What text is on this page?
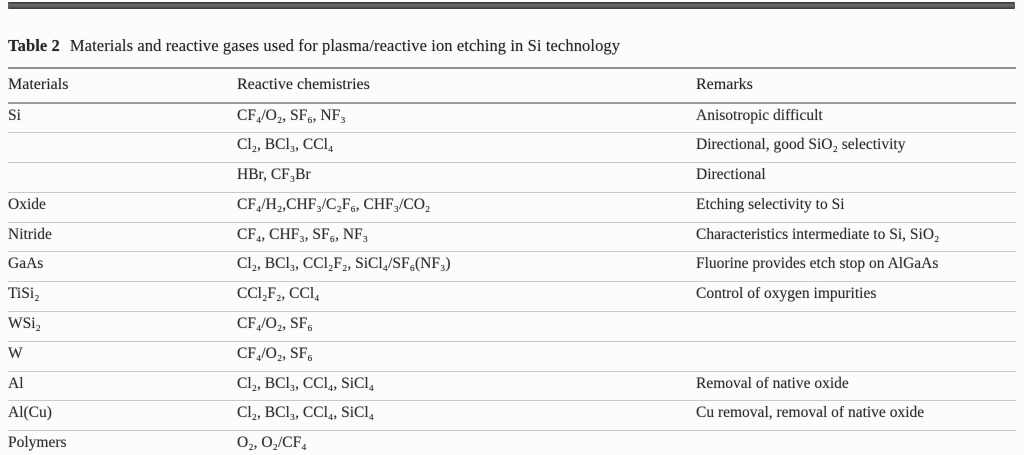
Table 2 Materials and reactive gases used for plasma/reactive ion etching in Si technology
Materials	Reactive chemistries	Remarks
Si	CF₄/O₂, SF₆, NF₃	Anisotropic difficult
	Cl₂, BCl₃, CCl₄	Directional, good SiO₂ selectivity
	HBr, CF₃Br	Directional
Oxide	CF₄/H₂,CHF₃/C₂F₆, CHF₃/CO₂	Etching selectivity to Si
Nitride	CF₄, CHF₃, SF₆, NF₃	Characteristics intermediate to Si, SiO₂
GaAs	Cl₂, BCl₃, CCl₂F₂, SiCl₄/SF₆(NF₃)	Fluorine provides etch stop on AlGaAs
TiSi₂	CCl₂F₂, CCl₄	Control of oxygen impurities
WSi₂	CF₄/O₂, SF₆	
W	CF₄/O₂, SF₆	
Al	Cl₂, BCl₃, CCl₄, SiCl₄	Removal of native oxide
Al(Cu)	Cl₂, BCl₃, CCl₄, SiCl₄	Cu removal, removal of native oxide
Polymers	O₂, O₂/CF₄	
